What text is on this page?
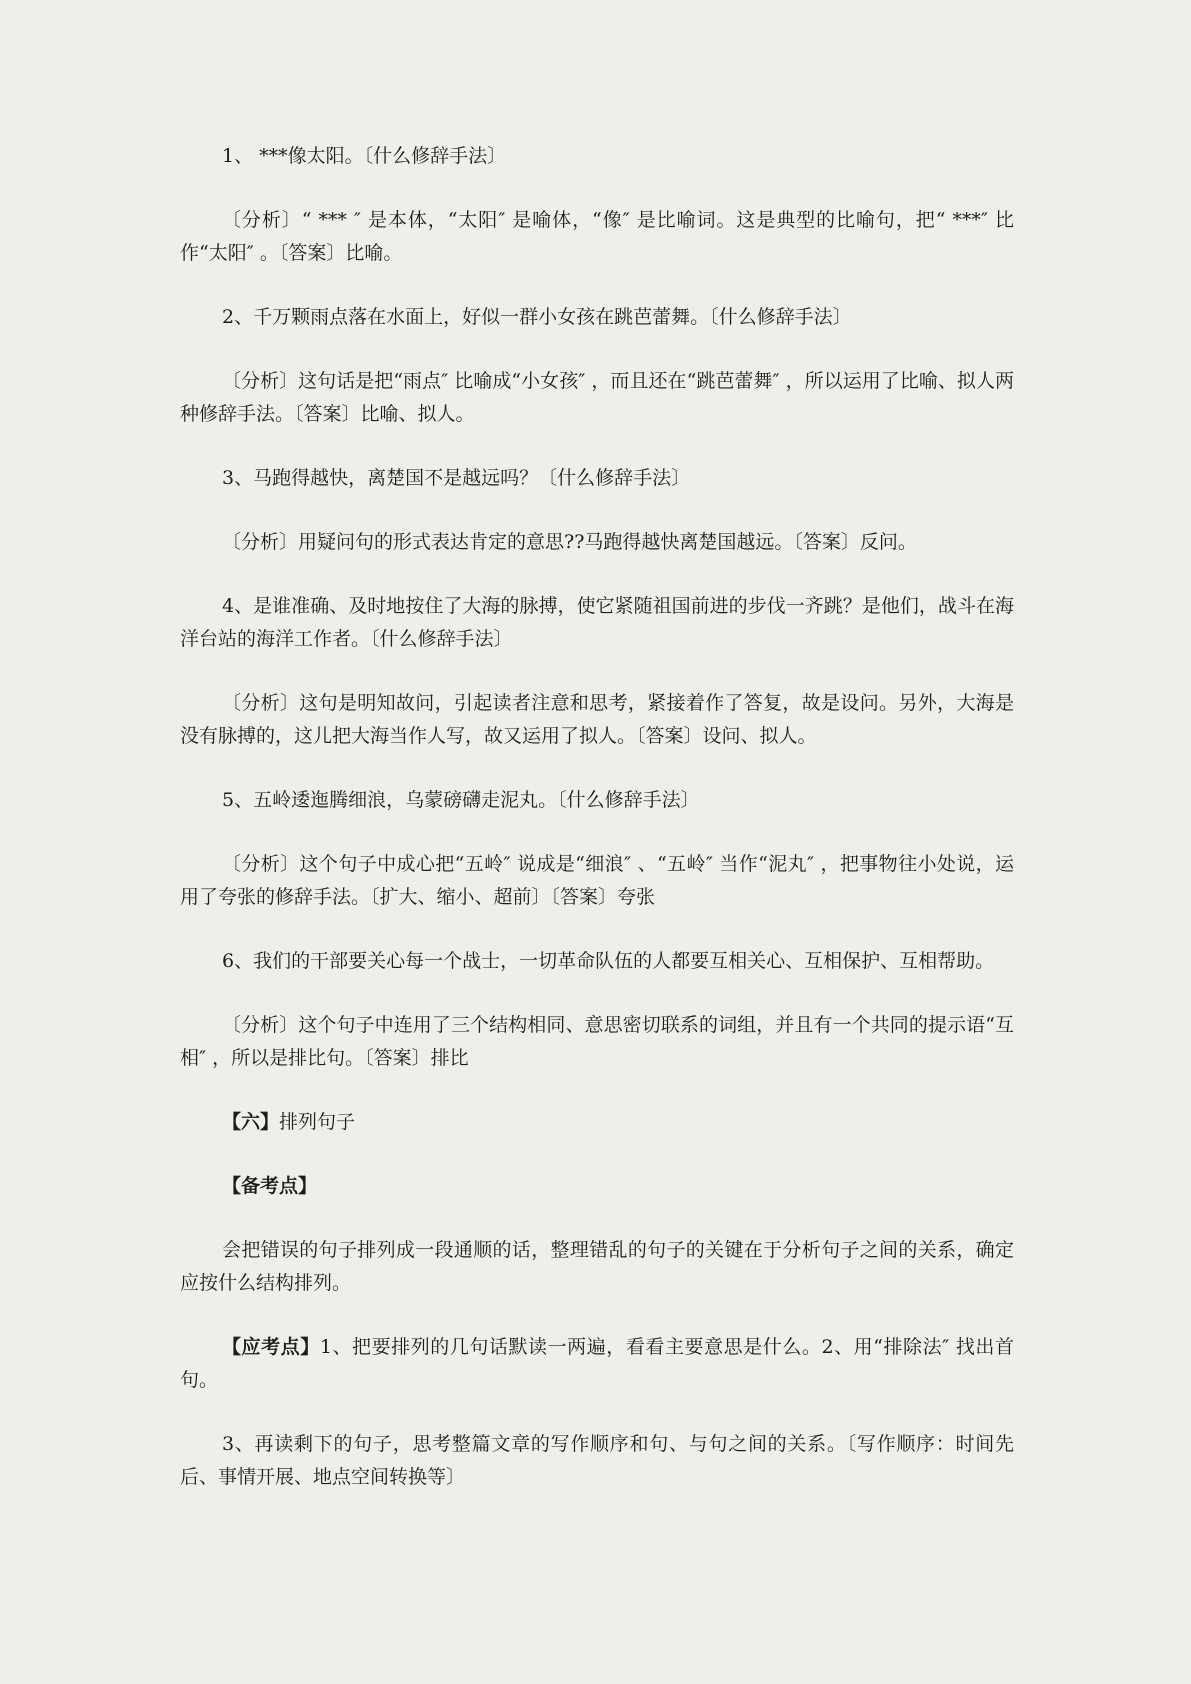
1、 ***像太阳。〔什么修辞手法〕

〔分析〕“ *** ″ 是本体，“太阳″ 是喻体，“像″ 是比喻词。这是典型的比喻句，把“ ***″ 比作“太阳″ 。〔答案〕比喻。

2、千万颗雨点落在水面上，好似一群小女孩在跳芭蕾舞。〔什么修辞手法〕

〔分析〕这句话是把“雨点″ 比喻成“小女孩″ ，而且还在“跳芭蕾舞″ ，所以运用了比喻、拟人两种修辞手法。〔答案〕比喻、拟人。

3、马跑得越快，离楚国不是越远吗？〔什么修辞手法〕

〔分析〕用疑问句的形式表达肯定的意思??马跑得越快离楚国越远。〔答案〕反问。

4、是谁准确、及时地按住了大海的脉搏，使它紧随祖国前进的步伐一齐跳？是他们，战斗在海洋台站的海洋工作者。〔什么修辞手法〕

〔分析〕这句是明知故问，引起读者注意和思考，紧接着作了答复，故是设问。另外，大海是没有脉搏的，这儿把大海当作人写，故又运用了拟人。〔答案〕设问、拟人。

5、五岭逶迤腾细浪，乌蒙磅礴走泥丸。〔什么修辞手法〕

〔分析〕这个句子中成心把“五岭″ 说成是“细浪″ 、“五岭″ 当作“泥丸″ ，把事物往小处说，运用了夸张的修辞手法。〔扩大、缩小、超前〕〔答案〕夸张

6、我们的干部要关心每一个战士，一切革命队伍的人都要互相关心、互相保护、互相帮助。

〔分析〕这个句子中连用了三个结构相同、意思密切联系的词组，并且有一个共同的提示语“互相″ ，所以是排比句。〔答案〕排比

【六】排列句子

【备考点】

会把错误的句子排列成一段通顺的话，整理错乱的句子的关键在于分析句子之间的关系，确定应按什么结构排列。

【应考点】1、把要排列的几句话默读一两遍，看看主要意思是什么。2、用“排除法″ 找出首句。

3、再读剩下的句子，思考整篇文章的写作顺序和句、与句之间的关系。〔写作顺序：时间先后、事情开展、地点空间转换等〕
